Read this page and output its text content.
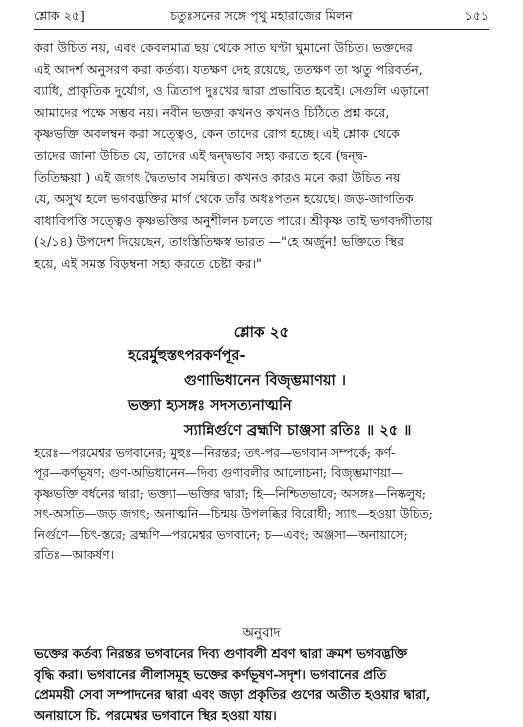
শ্লোক ২৫]	চতুঃসনের সঙ্গে পৃথু মহারাজের মিলন	১৫১
করা উচিত নয়, এবং কেবলমাত্র ছয় থেকে সাত ঘণ্টা ঘুমানো উচিত। ভক্তদের
এই আদর্শ অনুসরণ করা কর্তব্য। যতক্ষণ দেহ রয়েছে, ততক্ষণ তা ঋতু পরিবর্তন,
ব্যাধি, প্রাকৃতিক দুর্যোগ, ও ত্রিতাপ দুঃখের দ্বারা প্রভাবিত হবেই। সেগুলি এড়ানো
আমাদের পক্ষে সম্ভব নয়। নবীন ভক্তরা কখনও কখনও চিঠিতে প্রশ্ন করে,
কৃষ্ণভক্তি অবলম্বন করা সত্ত্বেও, কেন তাদের রোগ হচ্ছে। এই শ্লোক থেকে
তাদের জানা উচিত যে, তাদের এই দ্বন্দ্বভাব সহ্য করতে হবে (দ্বন্দ্ব-
তিতিক্ষয়া ) এই জগৎ দ্বৈতভাব সমন্বিত। কখনও কারও মনে করা উচিত নয়
যে, অসুখ হলে ভগবদ্ভক্তির মার্গ থেকে তাঁর অধঃপতন হয়েছে। জড়-জাগতিক
বাধাবিপত্তি সত্ত্বেও কৃষ্ণভক্তির অনুশীলন চলতে পারে। শ্রীকৃষ্ণ তাই ভগবদ্গীতায়
(২/১৪) উপদেশ দিয়েছেন, তাংস্তিতিক্ষস্ব ভারত —"হে অর্জুন! ভক্তিতে স্থির
হয়ে, এই সমস্ত বিড়ম্বনা সহ্য করতে চেষ্টা কর।"
শ্লোক ২৫
হরের্মুহুস্তৎপরকর্ণপূর-
গুণাভিধানেন বিজৃম্ভমাণয়া ।
ভক্ত্যা হ্যসঙ্গঃ সদসত্যনাত্মনি
স্যান্নির্গুণে ব্রহ্মণি চাঞ্জসা রতিঃ ॥ ২৫ ॥
হরেঃ—পরমেশ্বর ভগবানের; মুহুঃ—নিরন্তর; তৎ-পর—ভগবান সম্পর্কে; কর্ণ-
পূর—কর্ণভূষণ; গুণ-অভিধানেন—দিব্য গুণাবলীর আলোচনা; বিজৃম্ভমাণয়া—
কৃষ্ণভক্তি বর্ধনের দ্বারা; ভক্ত্যা—ভক্তির দ্বারা; হি—নিশ্চিতভাবে; অসঙ্গঃ—নিষ্কলুষ;
সৎ-অসতি—জড় জগৎ; অনাত্মনি—চিন্ময় উপলব্ধির বিরোধী; স্যাৎ—হওয়া উচিত;
নির্গুণে—চিৎ-স্তরে; ব্রহ্মণি—পরমেশ্বর ভগবানে; চ—এবং; অঞ্জসা—অনায়াসে;
রতিঃ—আকর্ষণ।
অনুবাদ
ভক্তের কর্তব্য নিরন্তর ভগবানের দিব্য গুণাবলী শ্রবণ দ্বারা ক্রমশ ভগবদ্ভক্তি
বৃদ্ধি করা। ভগবানের লীলাসমূহ ভক্তের কর্ণভূষণ-সদৃশ। ভগবানের প্রতি
প্রেমময়ী সেবা সম্পাদনের দ্বারা এবং জড়া প্রকৃতির গুণের অতীত হওয়ার দ্বারা,
অনায়াসে চি. পরমেশ্বর ভগবানে স্থির হওয়া যায়।
